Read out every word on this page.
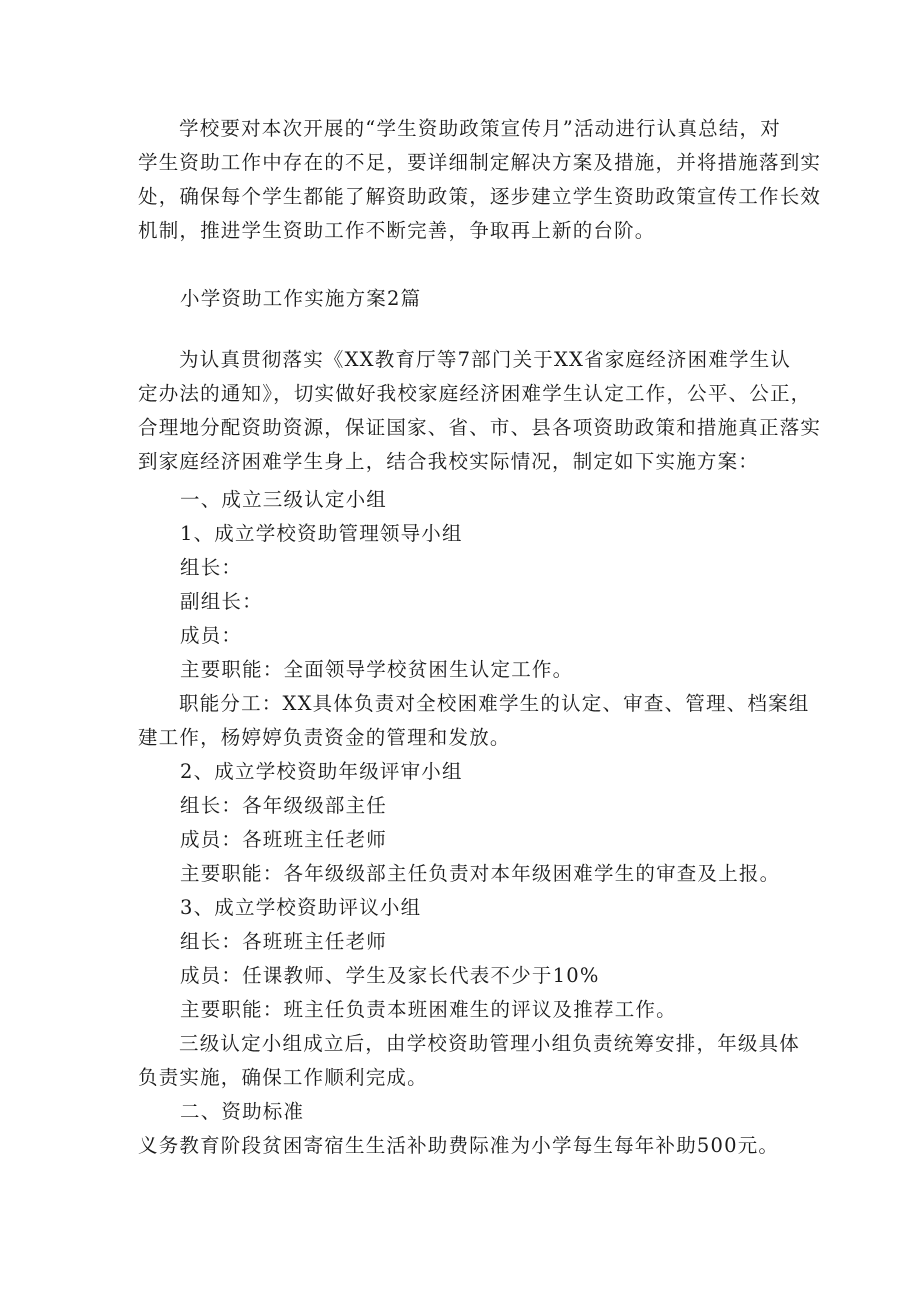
学校要对本次开展的“学生资助政策宣传月”活动进行认真总结，对
学生资助工作中存在的不足，要详细制定解决方案及措施，并将措施落到实
处，确保每个学生都能了解资助政策，逐步建立学生资助政策宣传工作长效
机制，推进学生资助工作不断完善，争取再上新的台阶。
小学资助工作实施方案2篇
为认真贯彻落实《XX教育厅等7部门关于XX省家庭经济困难学生认
定办法的通知》，切实做好我校家庭经济困难学生认定工作，公平、公正，
合理地分配资助资源，保证国家、省、市、县各项资助政策和措施真正落实
到家庭经济困难学生身上，结合我校实际情况，制定如下实施方案：
一、成立三级认定小组
1、成立学校资助管理领导小组
组长：
副组长：
成员：
主要职能：全面领导学校贫困生认定工作。
职能分工：XX具体负责对全校困难学生的认定、审查、管理、档案组
建工作，杨婷婷负责资金的管理和发放。
2、成立学校资助年级评审小组
组长：各年级级部主任
成员：各班班主任老师
主要职能：各年级级部主任负责对本年级困难学生的审查及上报。
3、成立学校资助评议小组
组长：各班班主任老师
成员：任课教师、学生及家长代表不少于10%
主要职能：班主任负责本班困难生的评议及推荐工作。
三级认定小组成立后，由学校资助管理小组负责统筹安排，年级具体
负责实施，确保工作顺利完成。
二、资助标准
义务教育阶段贫困寄宿生生活补助费际准为小学每生每年补助500元。
